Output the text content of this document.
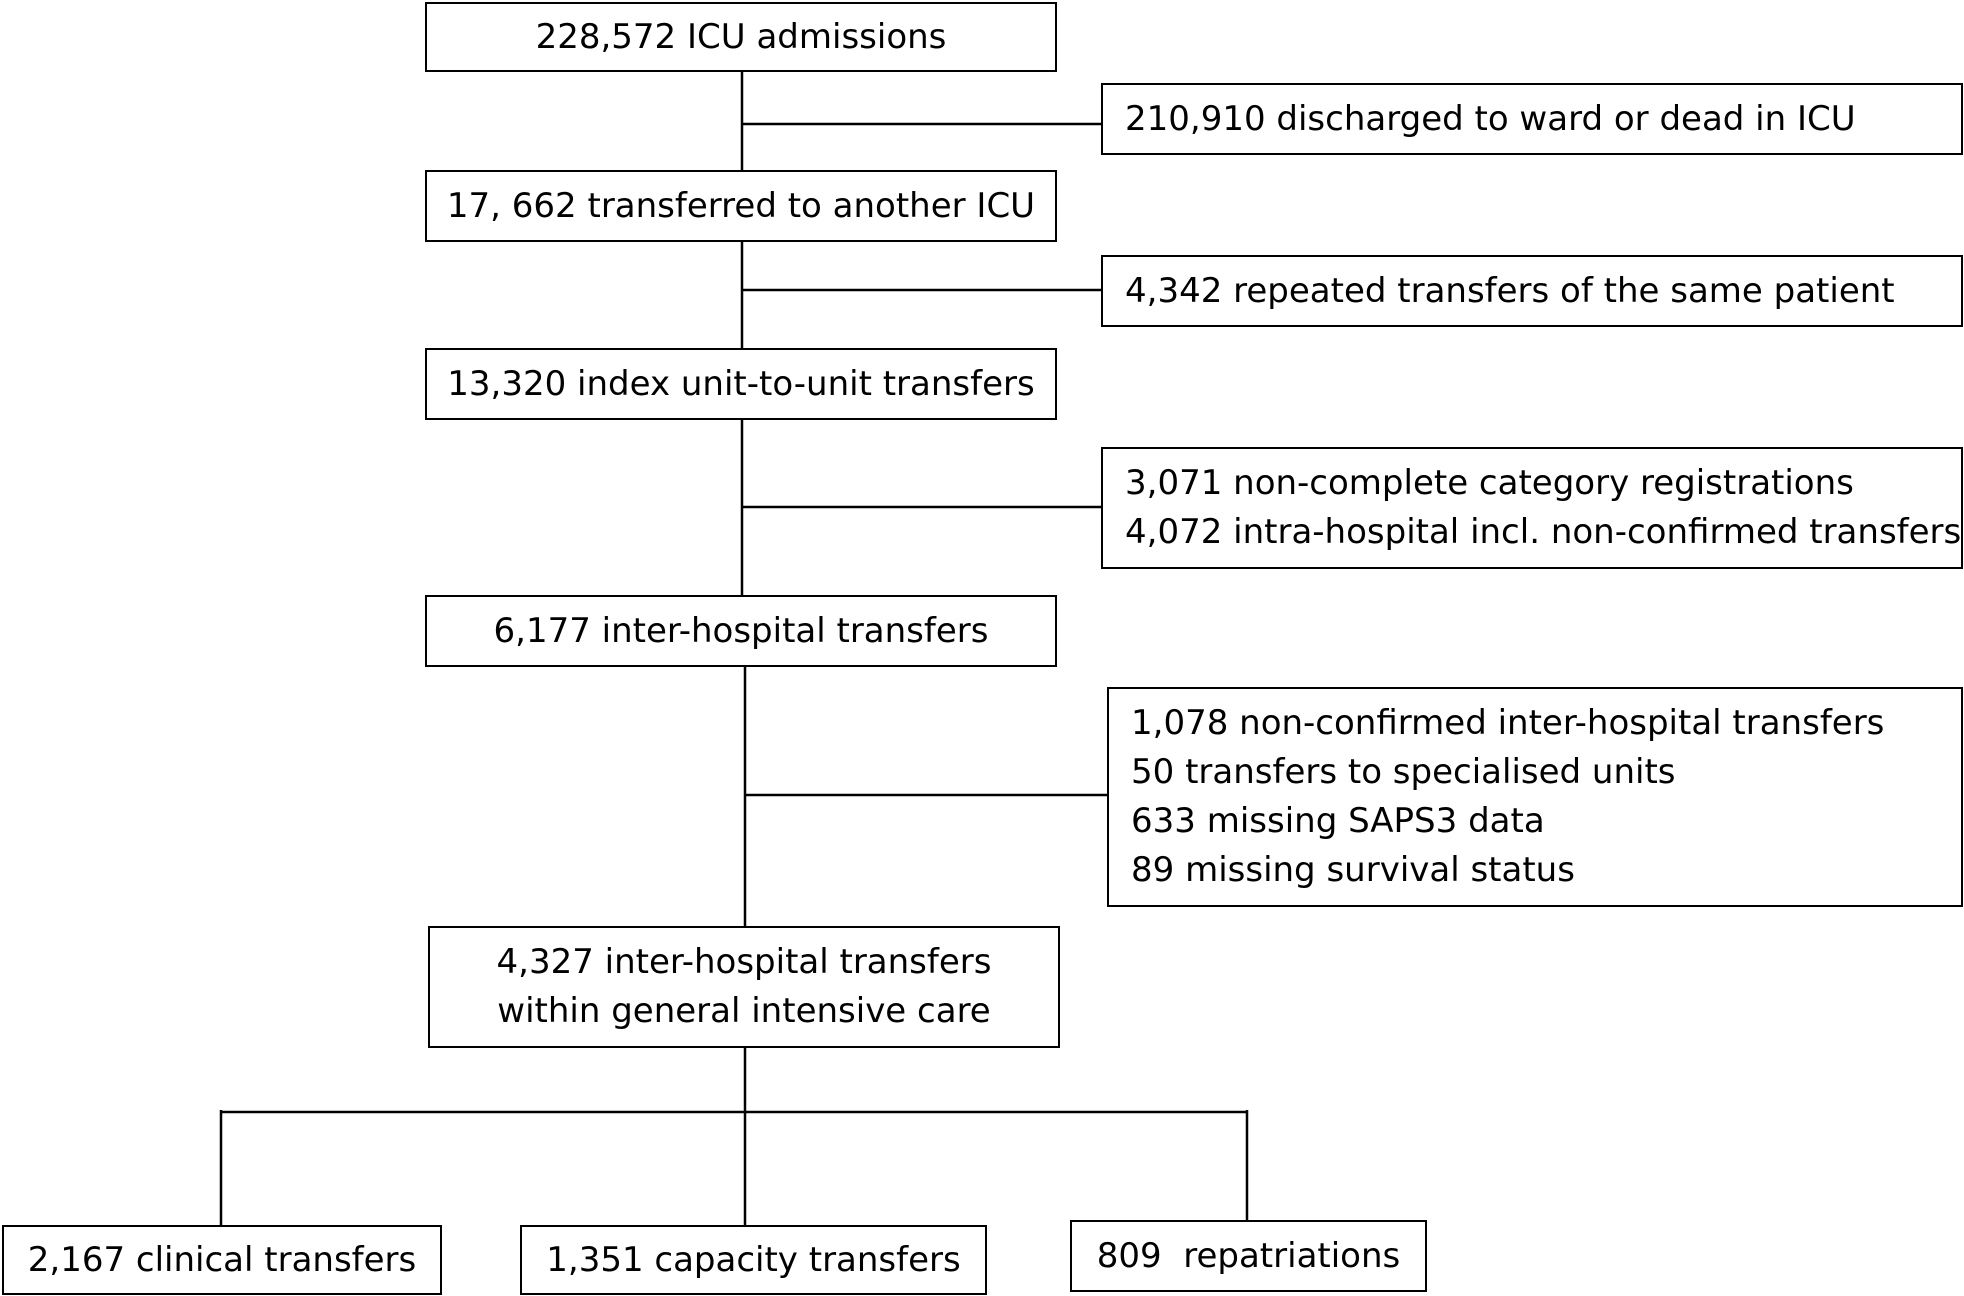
228,572 ICU admissions
17, 662 transferred to another ICU
13,320 index unit-to-unit transfers
6,177 inter-hospital transfers
4,327 inter-hospital transfers
within general intensive care
210,910 discharged to ward or dead in ICU
4,342 repeated transfers of the same patient
3,071 non-complete category registrations
4,072 intra-hospital incl. non-confirmed transfers
1,078 non-confirmed inter-hospital transfers
50 transfers to specialised units
633 missing SAPS3 data
89 missing survival status
2,167 clinical transfers	1,351 capacity transfers	809  repatriations
